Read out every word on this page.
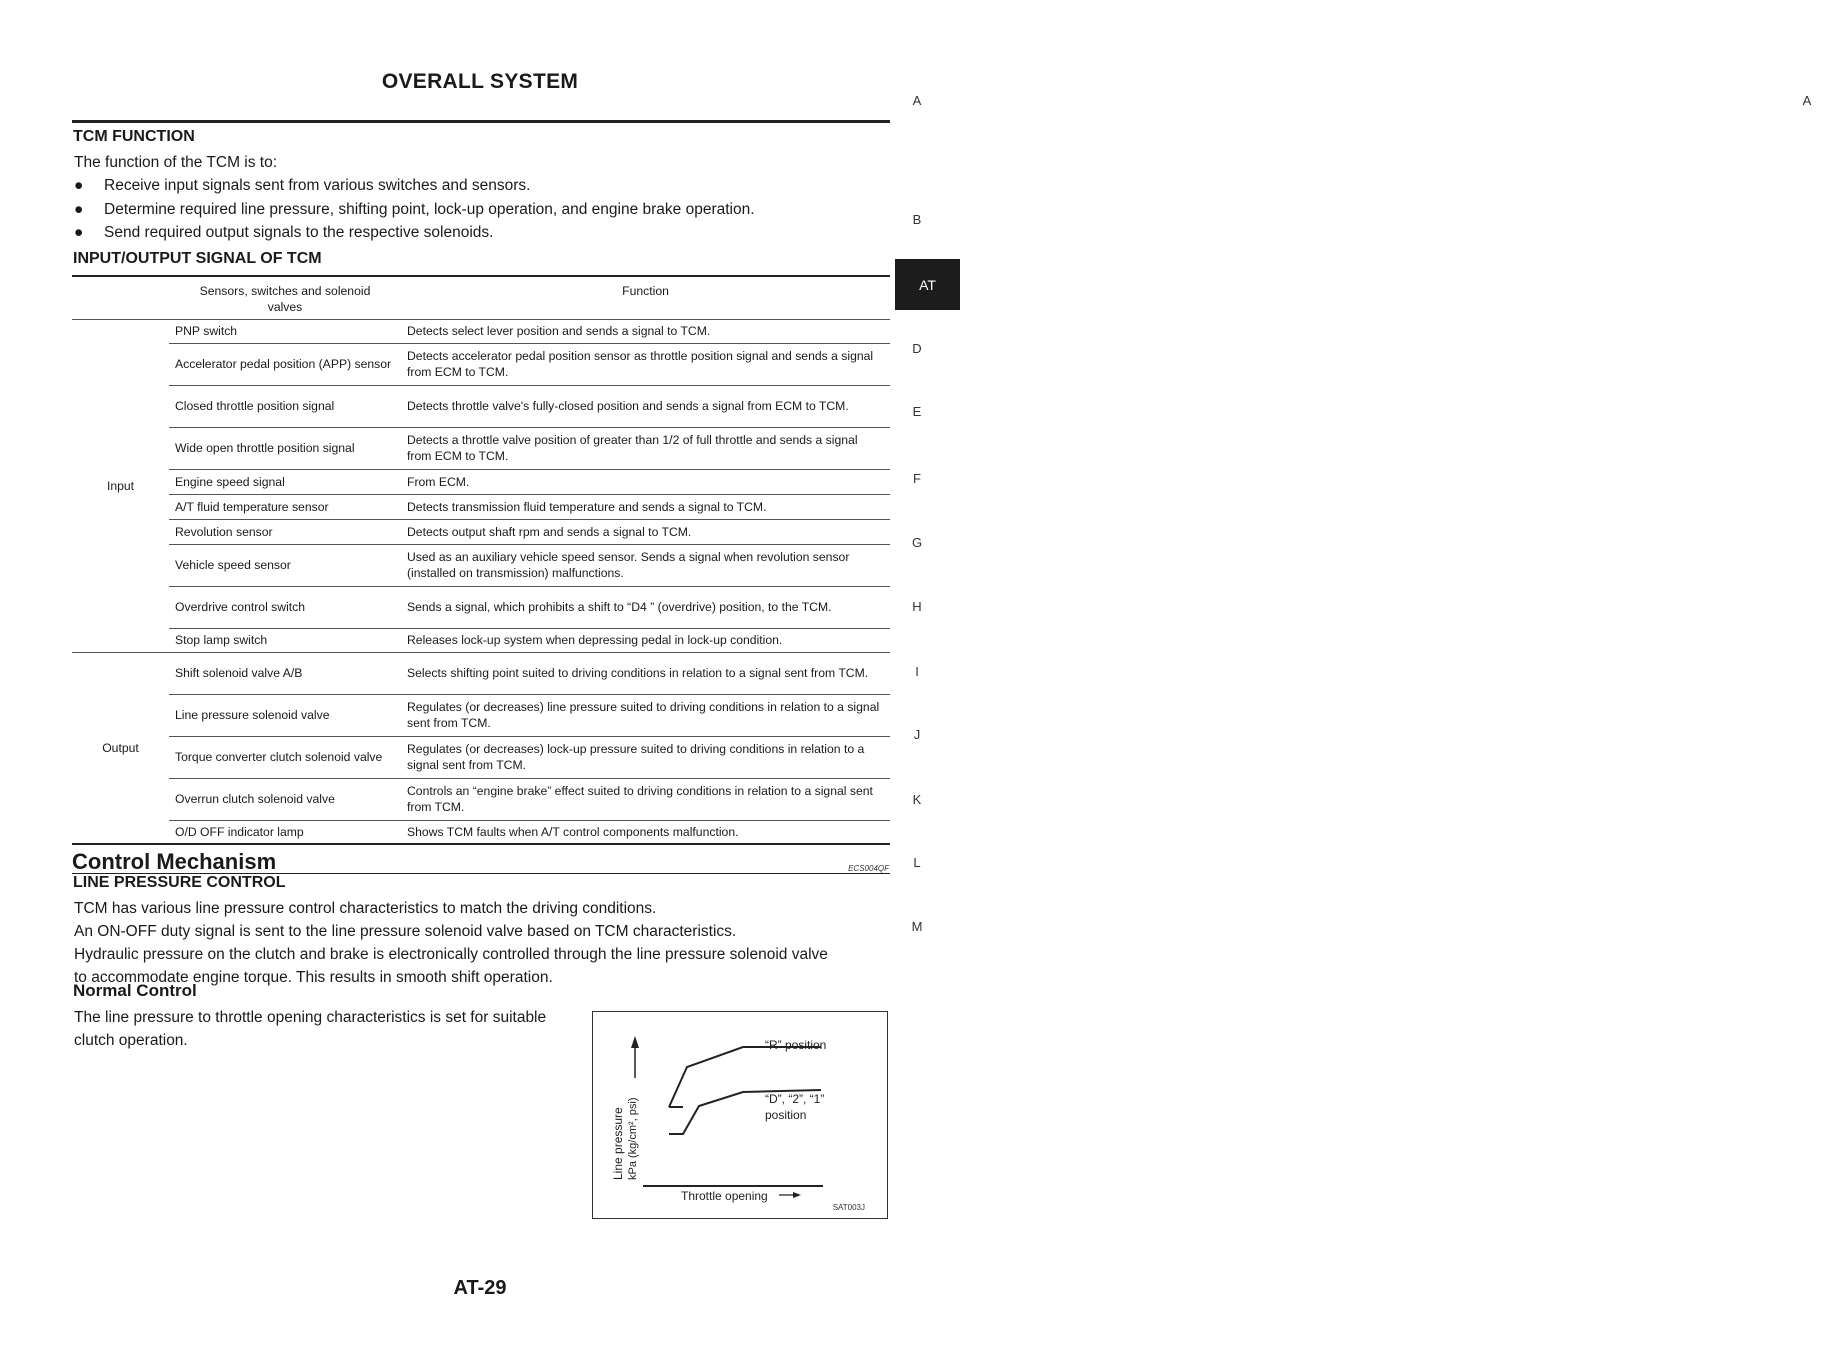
OVERALL SYSTEM
A
A
B
AT
D
E
F
G
H
I
J
K
L
M
TCM FUNCTION
The function of the TCM is to:
● Receive input signals sent from various switches and sensors.
● Determine required line pressure, shifting point, lock-up operation, and engine brake operation.
● Send required output signals to the respective solenoids.
INPUT/OUTPUT SIGNAL OF TCM
	Sensors, switches and solenoid valves	Function
Input	PNP switch	Detects select lever position and sends a signal to TCM.
	Accelerator pedal position (APP) sensor	Detects accelerator pedal position sensor as throttle position signal and sends a signal from ECM to TCM.
	Closed throttle position signal	Detects throttle valve's fully-closed position and sends a signal from ECM to TCM.
	Wide open throttle position signal	Detects a throttle valve position of greater than 1/2 of full throttle and sends a signal from ECM to TCM.
	Engine speed signal	From ECM.
	A/T fluid temperature sensor	Detects transmission fluid temperature and sends a signal to TCM.
	Revolution sensor	Detects output shaft rpm and sends a signal to TCM.
	Vehicle speed sensor	Used as an auxiliary vehicle speed sensor. Sends a signal when revolution sensor (installed on transmission) malfunctions.
	Overdrive control switch	Sends a signal, which prohibits a shift to “D4 ” (overdrive) position, to the TCM.
	Stop lamp switch	Releases lock-up system when depressing pedal in lock-up condition.
Output	Shift solenoid valve A/B	Selects shifting point suited to driving conditions in relation to a signal sent from TCM.
	Line pressure solenoid valve	Regulates (or decreases) line pressure suited to driving conditions in relation to a signal sent from TCM.
	Torque converter clutch solenoid valve	Regulates (or decreases) lock-up pressure suited to driving conditions in relation to a signal sent from TCM.
	Overrun clutch solenoid valve	Controls an “engine brake” effect suited to driving conditions in relation to a signal sent from TCM.
	O/D OFF indicator lamp	Shows TCM faults when A/T control components malfunction.
Control Mechanism	ECS004QF
LINE PRESSURE CONTROL
TCM has various line pressure control characteristics to match the driving conditions.
An ON-OFF duty signal is sent to the line pressure solenoid valve based on TCM characteristics.
Hydraulic pressure on the clutch and brake is electronically controlled through the line pressure solenoid valve
to accommodate engine torque. This results in smooth shift operation.
Normal Control
The line pressure to throttle opening characteristics is set for suitable
clutch operation.	“R” position
“D”, “2”, “1”
position
Throttle opening
Line pressure kPa (kg/cm², psi)
SAT003J
AT-29
